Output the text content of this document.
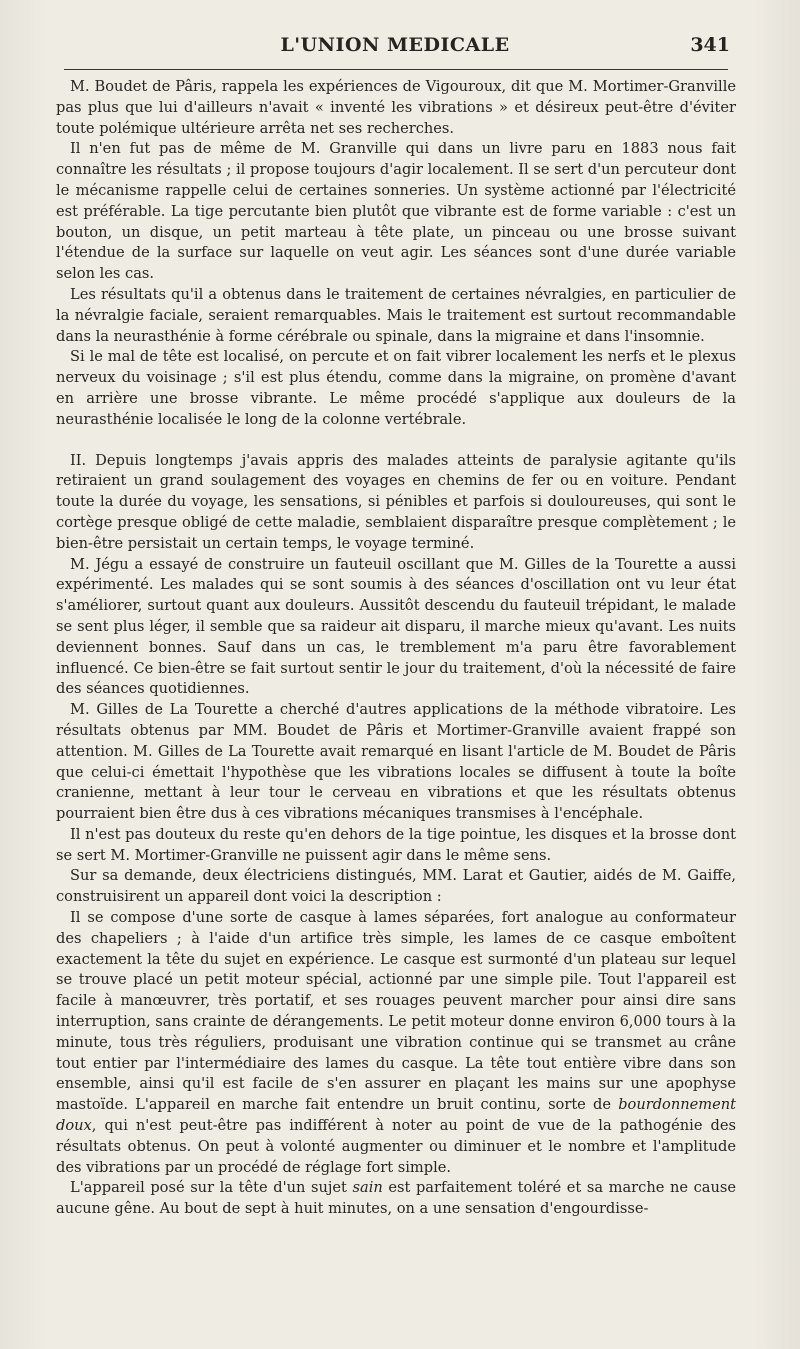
L'UNION MEDICALE	341

M. Boudet de Pâris, rappela les expériences de Vigouroux, dit que M. Mortimer-Granville pas plus que lui d'ailleurs n'avait « inventé les vibrations » et désireux peut-être d'éviter toute polémique ultérieure arrêta net ses recherches.

Il n'en fut pas de même de M. Granville qui dans un livre paru en 1883 nous fait connaître les résultats ; il propose toujours d'agir localement. Il se sert d'un percuteur dont le mécanisme rappelle celui de certaines sonneries. Un système actionné par l'électricité est préférable. La tige percutante bien plutôt que vibrante est de forme variable : c'est un bouton, un disque, un petit marteau à tête plate, un pinceau ou une brosse suivant l'étendue de la surface sur laquelle on veut agir. Les séances sont d'une durée variable selon les cas.

Les résultats qu'il a obtenus dans le traitement de certaines névralgies, en particulier de la névralgie faciale, seraient remarquables. Mais le traitement est surtout recommandable dans la neurasthénie à forme cérébrale ou spinale, dans la migraine et dans l'insomnie.

Si le mal de tête est localisé, on percute et on fait vibrer localement les nerfs et le plexus nerveux du voisinage ; s'il est plus étendu, comme dans la migraine, on promène d'avant en arrière une brosse vibrante. Le même procédé s'applique aux douleurs de la neurasthénie localisée le long de la colonne vertébrale.

II. Depuis longtemps j'avais appris des malades atteints de paralysie agitante qu'ils retiraient un grand soulagement des voyages en chemins de fer ou en voiture. Pendant toute la durée du voyage, les sensations, si pénibles et parfois si douloureuses, qui sont le cortège presque obligé de cette maladie, semblaient disparaître presque complètement ; le bien-être persistait un certain temps, le voyage terminé.

M. Jégu a essayé de construire un fauteuil oscillant que M. Gilles de la Tourette a aussi expérimenté. Les malades qui se sont soumis à des séances d'oscillation ont vu leur état s'améliorer, surtout quant aux douleurs. Aussitôt descendu du fauteuil trépidant, le malade se sent plus léger, il semble que sa raideur ait disparu, il marche mieux qu'avant. Les nuits deviennent bonnes. Sauf dans un cas, le tremblement m'a paru être favorablement influencé. Ce bien-être se fait surtout sentir le jour du traitement, d'où la nécessité de faire des séances quotidiennes.

M. Gilles de La Tourette a cherché d'autres applications de la méthode vibratoire. Les résultats obtenus par MM. Boudet de Pâris et Mortimer-Granville avaient frappé son attention. M. Gilles de La Tourette avait remarqué en lisant l'article de M. Boudet de Pâris que celui-ci émettait l'hypothèse que les vibrations locales se diffusent à toute la boîte cranienne, mettant à leur tour le cerveau en vibrations et que les résultats obtenus pourraient bien être dus à ces vibrations mécaniques transmises à l'encéphale.

Il n'est pas douteux du reste qu'en dehors de la tige pointue, les disques et la brosse dont se sert M. Mortimer-Granville ne puissent agir dans le même sens.

Sur sa demande, deux électriciens distingués, MM. Larat et Gautier, aidés de M. Gaiffe, construisirent un appareil dont voici la description :

Il se compose d'une sorte de casque à lames séparées, fort analogue au conformateur des chapeliers ; à l'aide d'un artifice très simple, les lames de ce casque emboîtent exactement la tête du sujet en expérience. Le casque est surmonté d'un plateau sur lequel se trouve placé un petit moteur spécial, actionné par une simple pile. Tout l'appareil est facile à manœuvrer, très portatif, et ses rouages peuvent marcher pour ainsi dire sans interruption, sans crainte de dérangements. Le petit moteur donne environ 6,000 tours à la minute, tous très réguliers, produisant une vibration continue qui se transmet au crâne tout entier par l'intermédiaire des lames du casque. La tête tout entière vibre dans son ensemble, ainsi qu'il est facile de s'en assurer en plaçant les mains sur une apophyse mastoïde. L'appareil en marche fait entendre un bruit continu, sorte de bourdonnement doux, qui n'est peut-être pas indifférent à noter au point de vue de la pathogénie des résultats obtenus. On peut à volonté augmenter ou diminuer et le nombre et l'amplitude des vibrations par un procédé de réglage fort simple.

L'appareil posé sur la tête d'un sujet sain est parfaitement toléré et sa marche ne cause aucune gêne. Au bout de sept à huit minutes, on a une sensation d'engourdisse-
